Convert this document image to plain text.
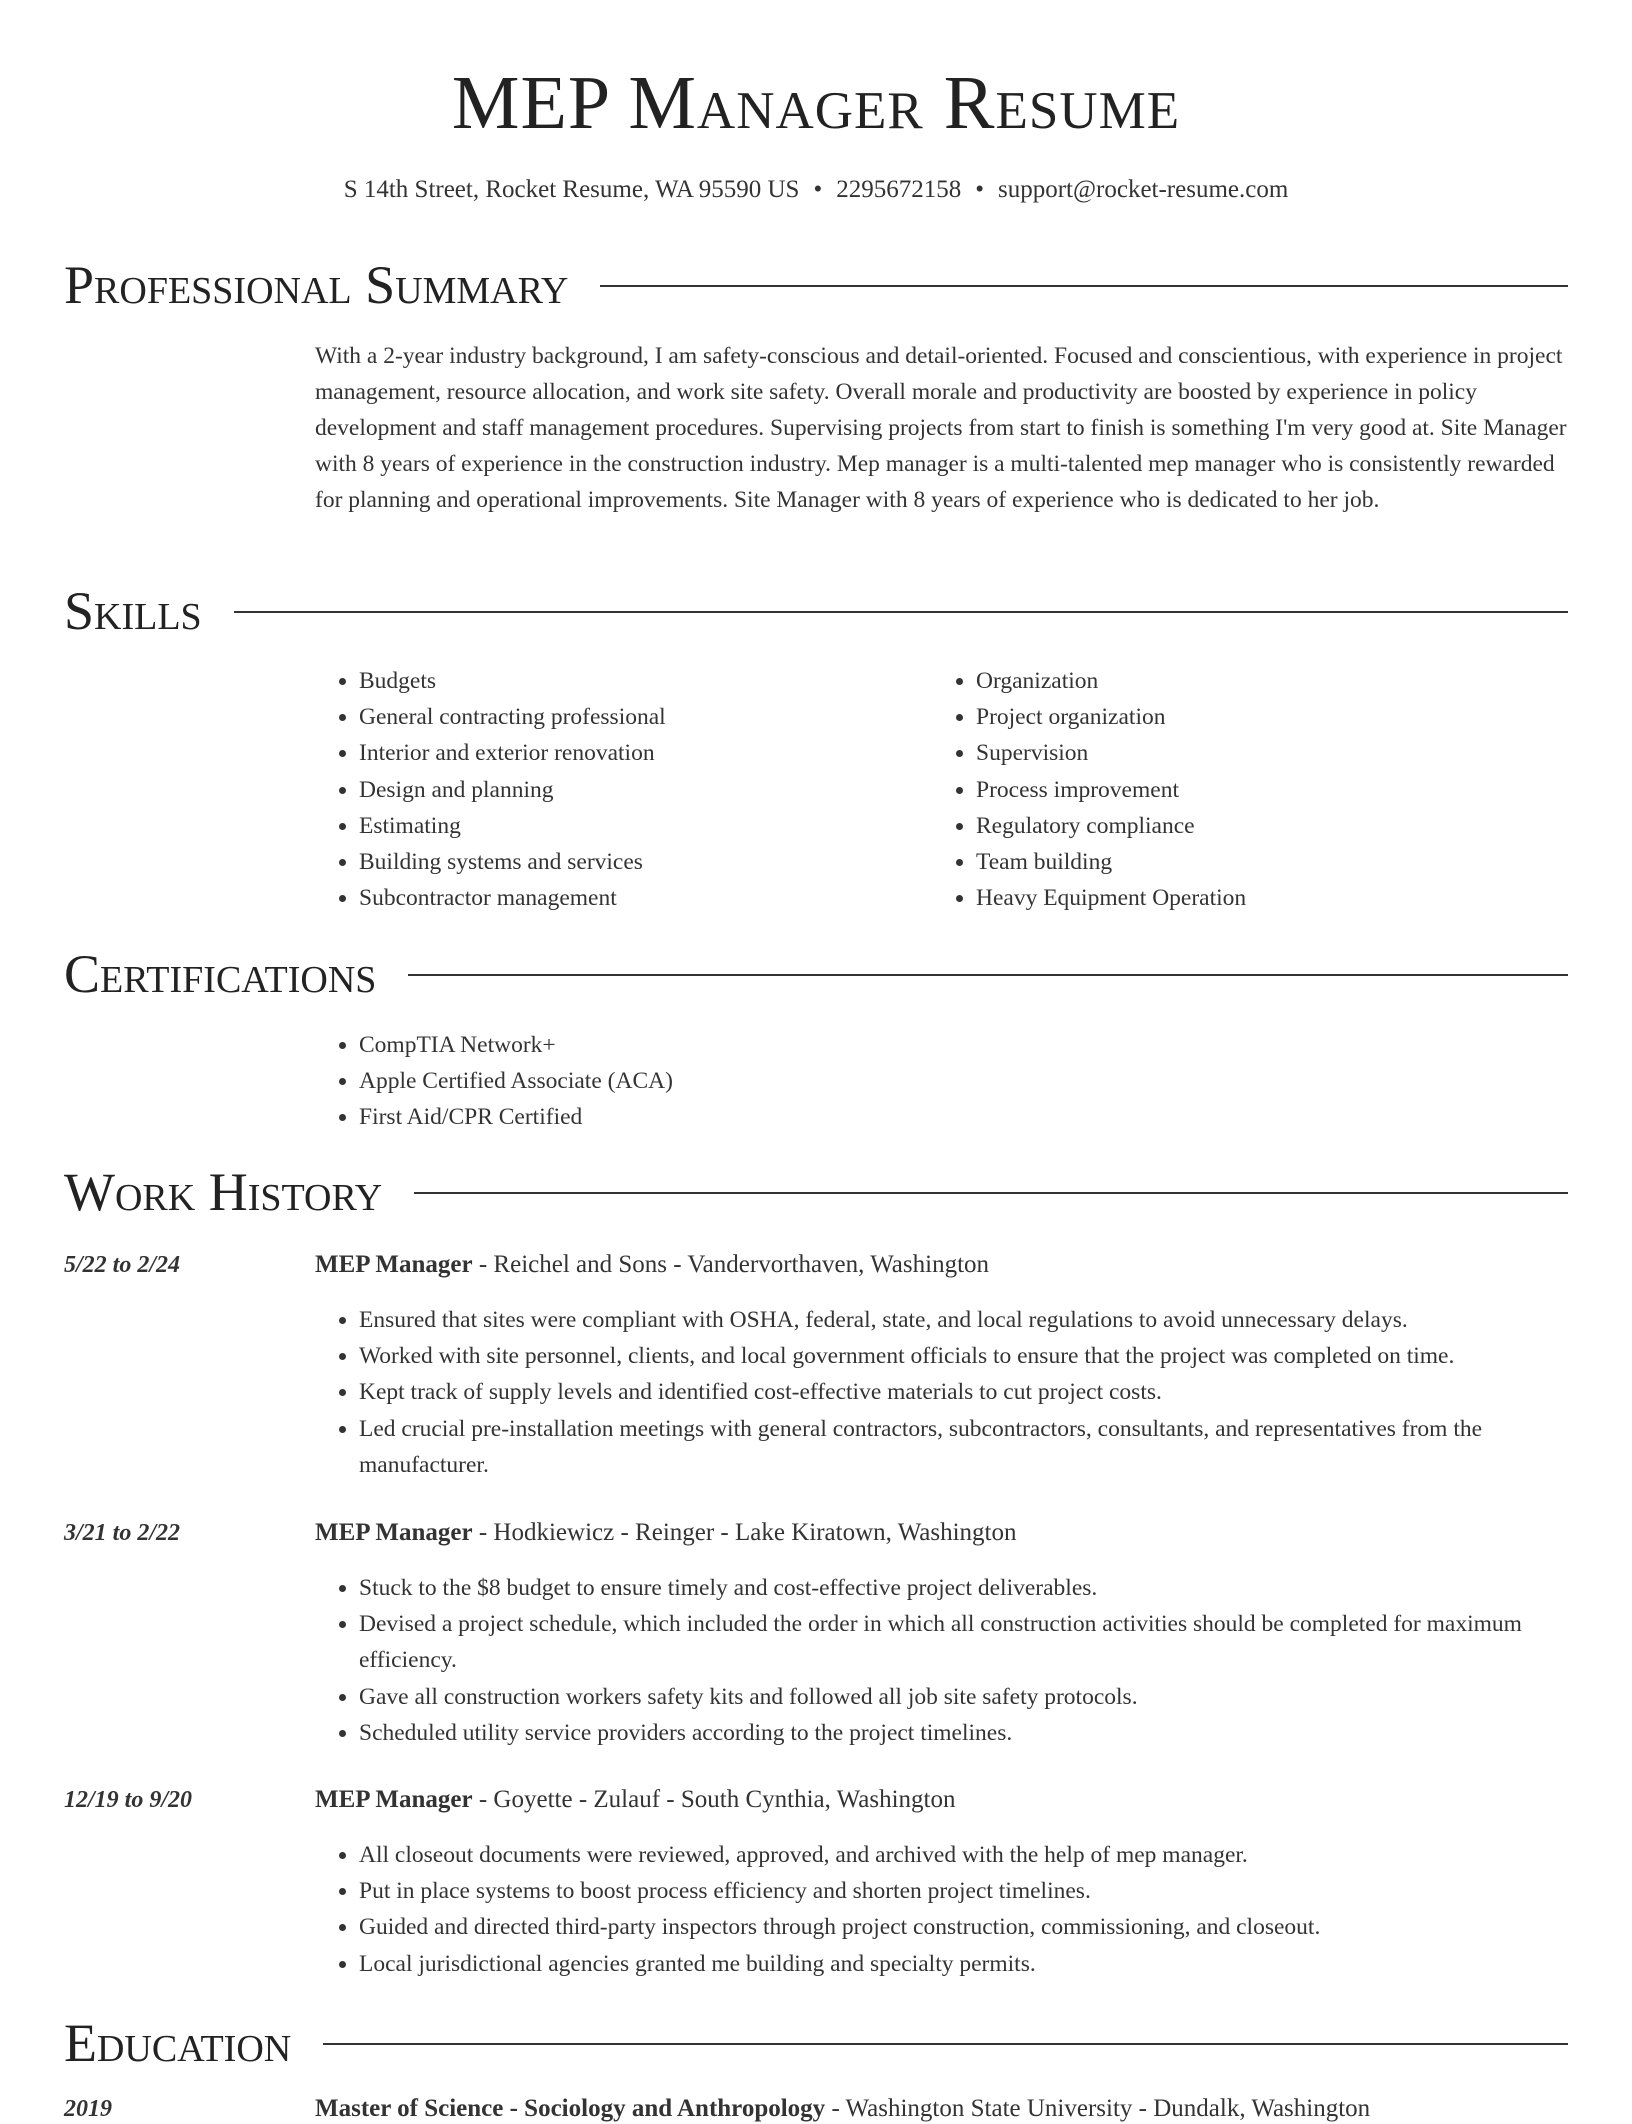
MEP Manager Resume
S 14th Street, Rocket Resume, WA 95590 US • 2295672158 • support@rocket-resume.com
Professional Summary

With a 2-year industry background, I am safety-conscious and detail-oriented. Focused and conscientious, with experience in project management, resource allocation, and work site safety. Overall morale and productivity are boosted by experience in policy development and staff management procedures. Supervising projects from start to finish is something I'm very good at. Site Manager with 8 years of experience in the construction industry. Mep manager is a multi-talented mep manager who is consistently rewarded for planning and operational improvements. Site Manager with 8 years of experience who is dedicated to her job.

Skills
• Budgets
• General contracting professional
• Interior and exterior renovation
• Design and planning
• Estimating
• Building systems and services
• Subcontractor management
• Organization
• Project organization
• Supervision
• Process improvement
• Regulatory compliance
• Team building
• Heavy Equipment Operation
Certifications
• CompTIA Network+
• Apple Certified Associate (ACA)
• First Aid/CPR Certified
Work History
5/22 to 2/24	MEP Manager - Reichel and Sons - Vandervorthaven, Washington
• Ensured that sites were compliant with OSHA, federal, state, and local regulations to avoid unnecessary delays.
• Worked with site personnel, clients, and local government officials to ensure that the project was completed on time.
• Kept track of supply levels and identified cost-effective materials to cut project costs.
• Led crucial pre-installation meetings with general contractors, subcontractors, consultants, and representatives from the manufacturer.
3/21 to 2/22	MEP Manager - Hodkiewicz - Reinger - Lake Kiratown, Washington
• Stuck to the $8 budget to ensure timely and cost-effective project deliverables.
• Devised a project schedule, which included the order in which all construction activities should be completed for maximum efficiency.
• Gave all construction workers safety kits and followed all job site safety protocols.
• Scheduled utility service providers according to the project timelines.
12/19 to 9/20	MEP Manager - Goyette - Zulauf - South Cynthia, Washington
• All closeout documents were reviewed, approved, and archived with the help of mep manager.
• Put in place systems to boost process efficiency and shorten project timelines.
• Guided and directed third-party inspectors through project construction, commissioning, and closeout.
• Local jurisdictional agencies granted me building and specialty permits.
Education
2019	Master of Science - Sociology and Anthropology - Washington State University - Dundalk, Washington
